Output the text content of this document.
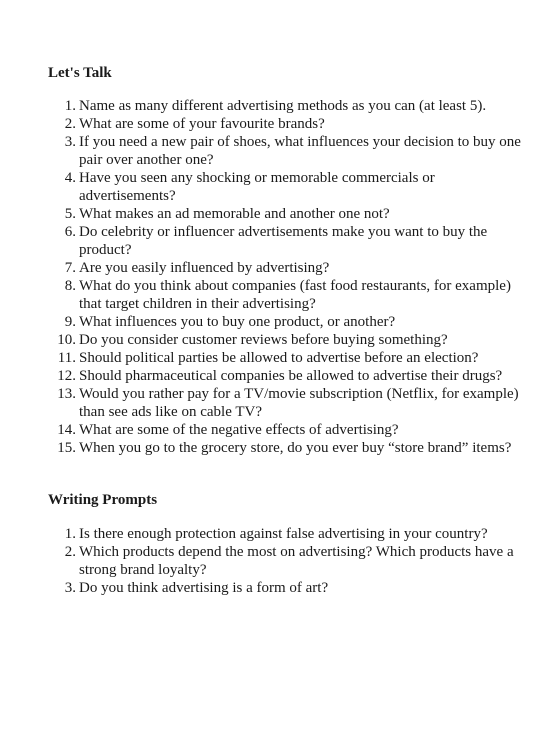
Let's Talk
1. Name as many different advertising methods as you can (at least 5).
2. What are some of your favourite brands?
3. If you need a new pair of shoes, what influences your decision to buy one pair over another one?
4. Have you seen any shocking or memorable commercials or advertisements?
5. What makes an ad memorable and another one not?
6. Do celebrity or influencer advertisements make you want to buy the product?
7. Are you easily influenced by advertising?
8. What do you think about companies (fast food restaurants, for example) that target children in their advertising?
9. What influences you to buy one product, or another?
10. Do you consider customer reviews before buying something?
11. Should political parties be allowed to advertise before an election?
12. Should pharmaceutical companies be allowed to advertise their drugs?
13. Would you rather pay for a TV/movie subscription (Netflix, for example) than see ads like on cable TV?
14. What are some of the negative effects of advertising?
15. When you go to the grocery store, do you ever buy “store brand” items?
Writing Prompts
1. Is there enough protection against false advertising in your country?
2. Which products depend the most on advertising? Which products have a strong brand loyalty?
3. Do you think advertising is a form of art?
